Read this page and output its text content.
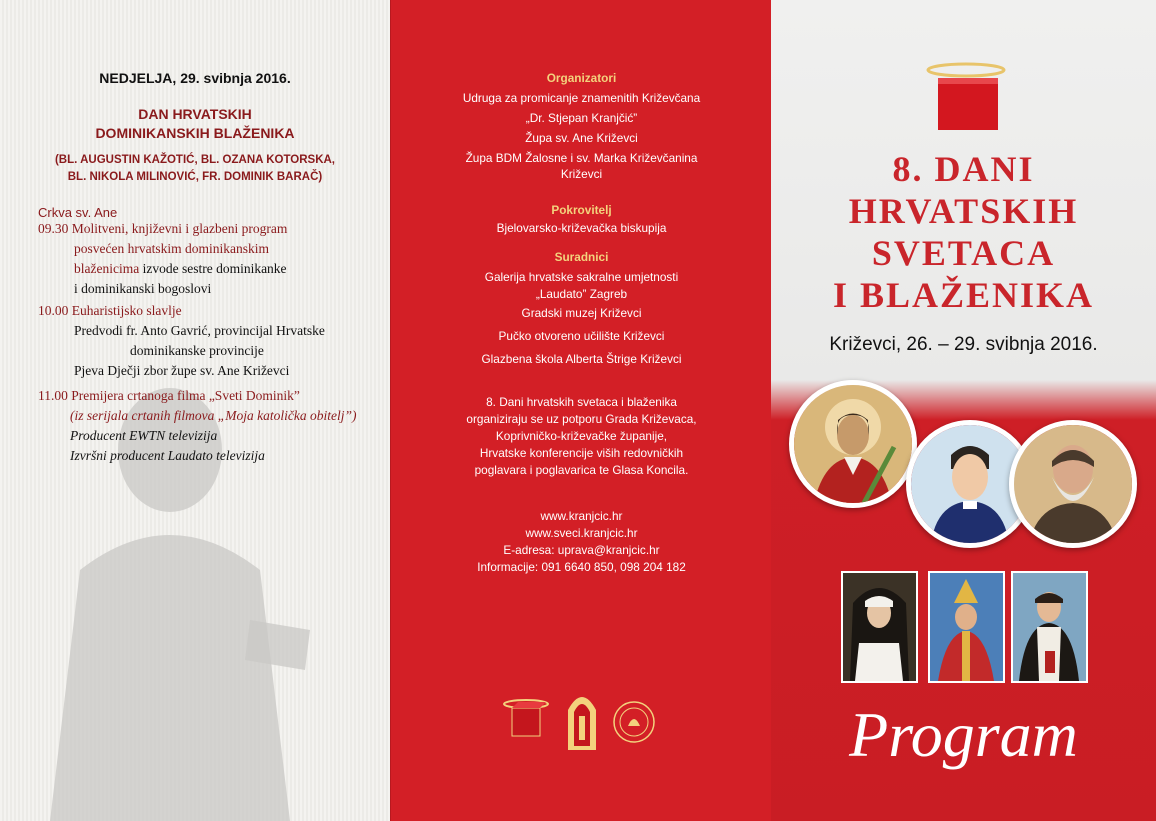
NEDJELJA, 29. svibnja 2016.
DAN HRVATSKIH
DOMINIKANSKIH BLAŽENIKA
(BL. AUGUSTIN KAŽOTIĆ, BL. OZANA KOTORSKA,
BL. NIKOLA MILINOVIĆ, FR. DOMINIK BARAČ)
Crkva sv. Ane
09.30 Molitveni, književni i glazbeni program
posvećen hrvatskim dominikanskim
blaženicima izvode sestre dominikanke
i dominikanski bogoslovi
10.00 Euharistijsko slavlje
Predvodi fr. Anto Gavrić, provincijal Hrvatske
dominikanske provincije
Pjeva Dječji zbor župe sv. Ane Križevci
11.00 Premijera crtanoga filma „Sveti Dominik”
(iz serijala crtanih filmova „Moja katolička obitelj”)
Producent EWTN televizija
Izvršni producent Laudato televizija
Organizatori
Udruga za promicanje znamenitih Križevčana
„Dr. Stjepan Kranjčić”
Župa sv. Ane Križevci
Župa BDM Žalosne i sv. Marka Križevčanina
Križevci
Pokrovitelj
Bjelovarsko-križevačka biskupija
Suradnici
Galerija hrvatske sakralne umjetnosti
„Laudato” Zagreb
Gradski muzej Križevci
Pučko otvoreno učilište Križevci
Glazbena škola Alberta Štrige Križevci
8. Dani hrvatskih svetaca i blaženika
organiziraju se uz potporu Grada Križevaca,
Koprivničko-križevačke županije,
Hrvatske konferencije viših redovničkih
poglavara i poglavarica te Glasa Koncila.
www.kranjcic.hr
www.sveci.kranjcic.hr
E-adresa: uprava@kranjcic.hr
Informacije: 091 6640 850, 098 204 182
8. DANI
HRVATSKIH
SVETACA
I BLAŽENIKA
Križevci, 26. – 29. svibnja 2016.
Program
